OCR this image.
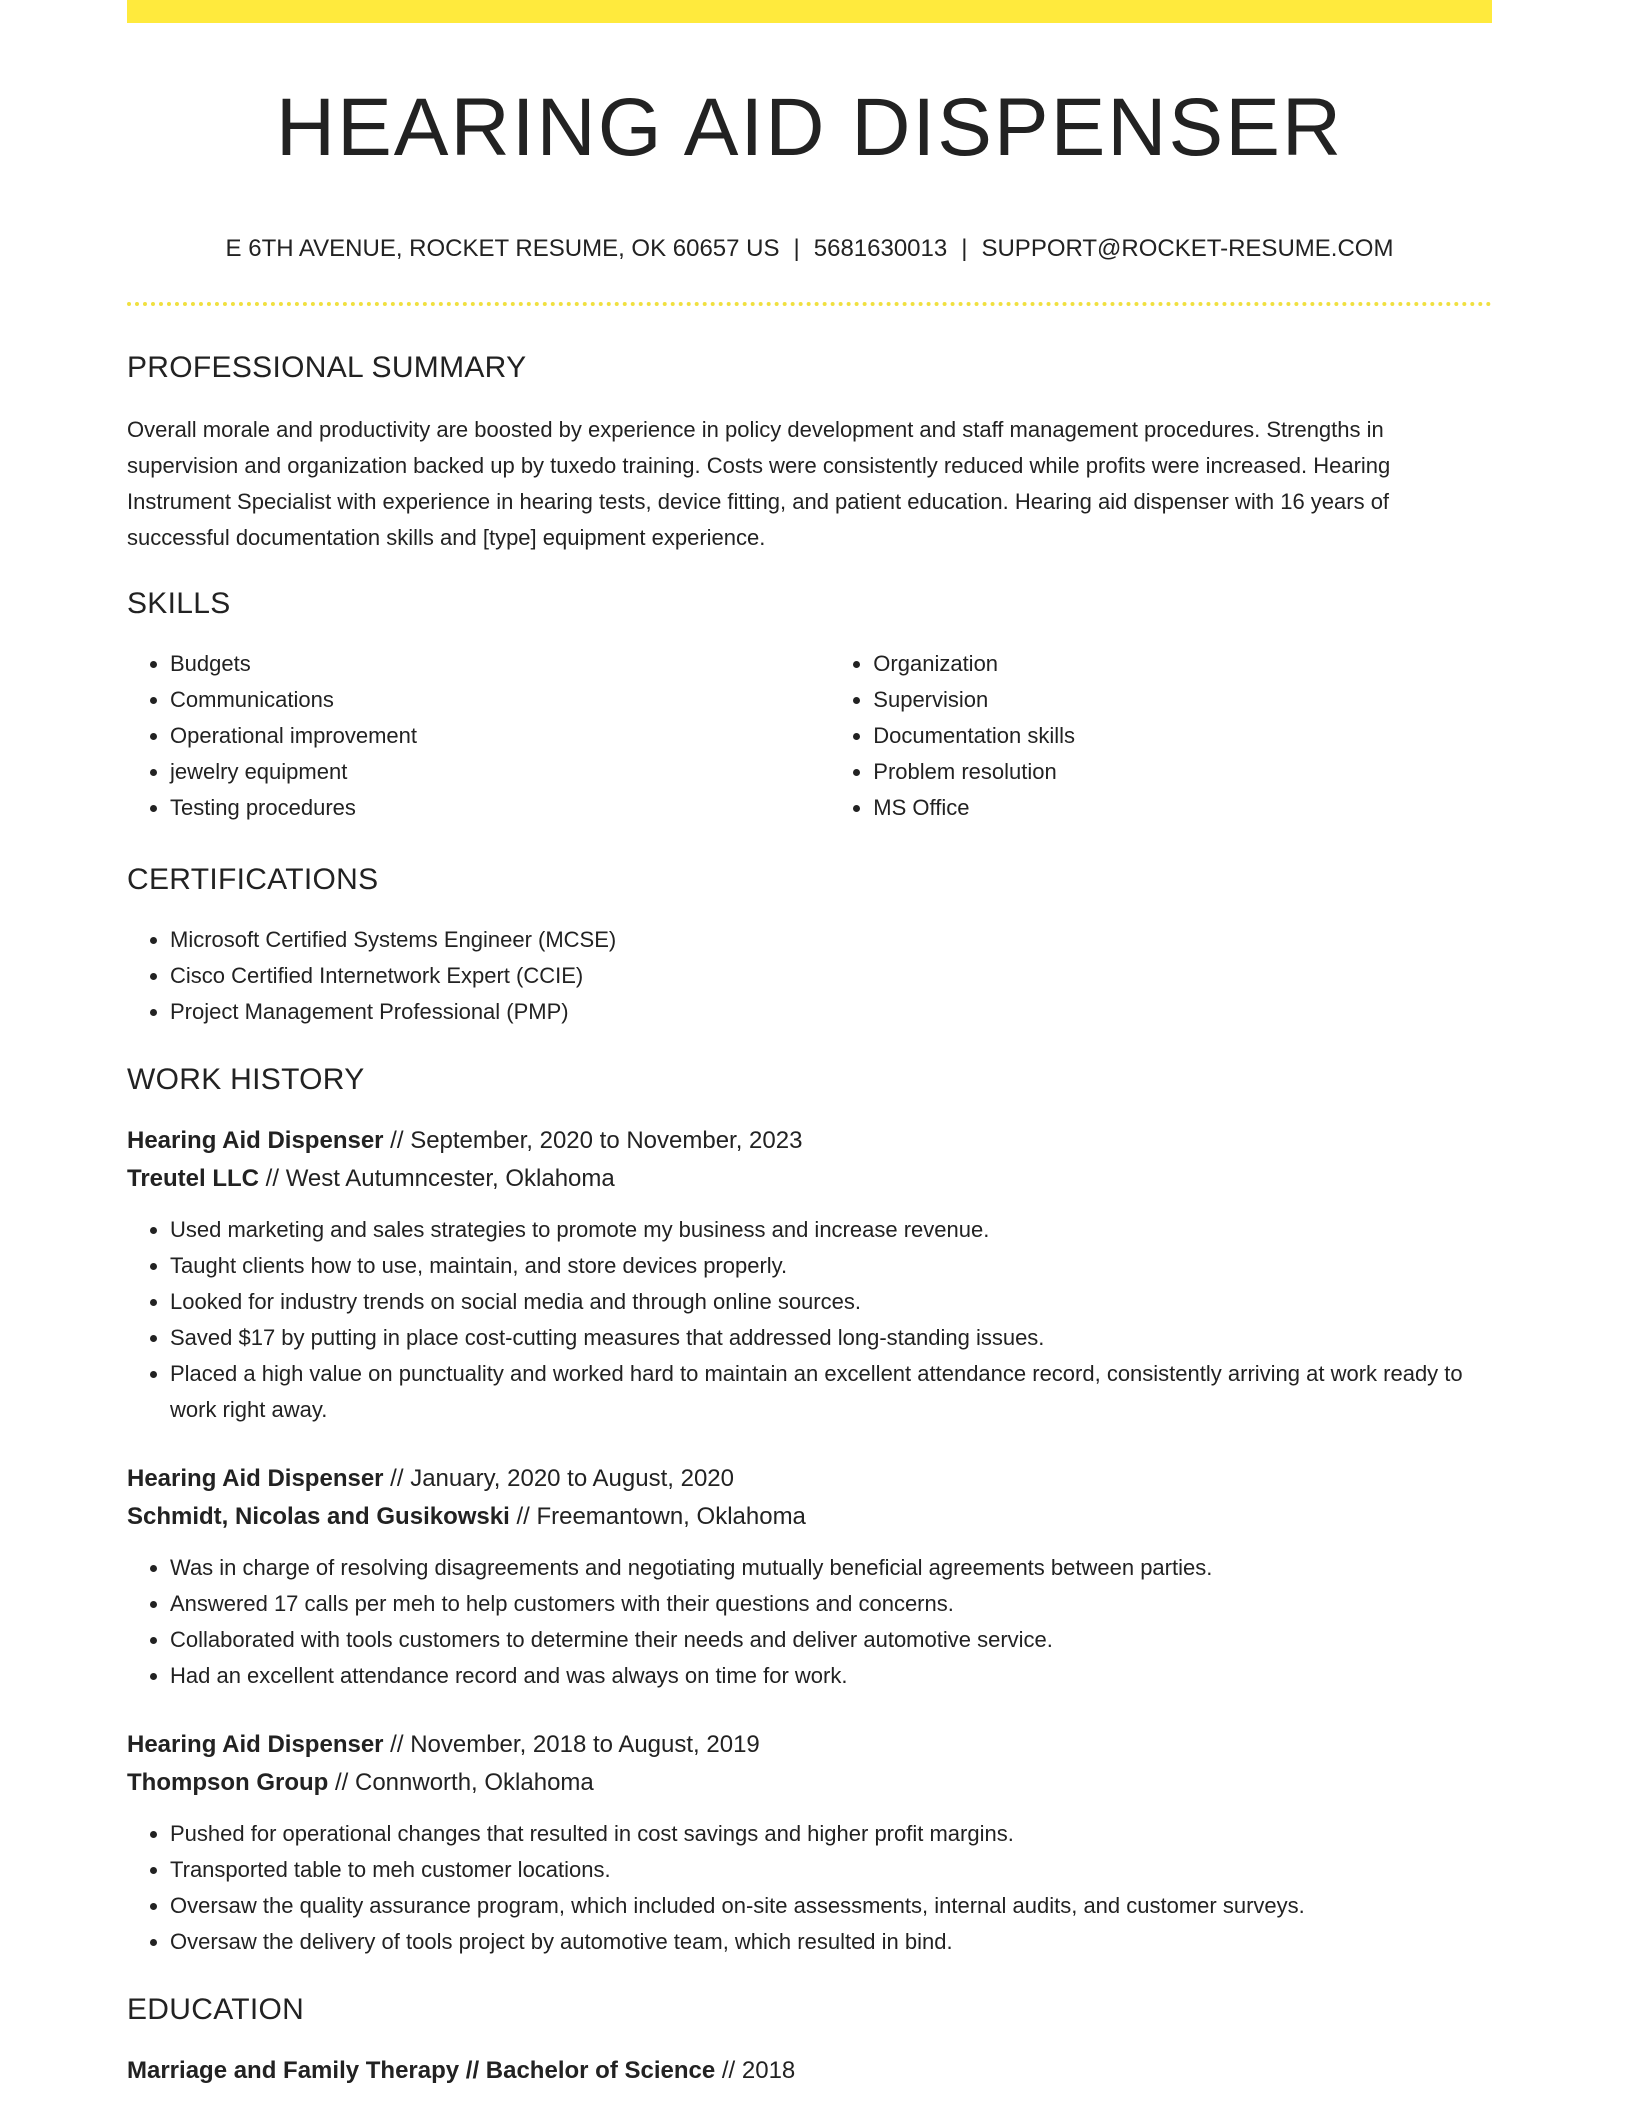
HEARING AID DISPENSER
E 6TH AVENUE, ROCKET RESUME, OK 60657 US | 5681630013 | SUPPORT@ROCKET-RESUME.COM
PROFESSIONAL SUMMARY
Overall morale and productivity are boosted by experience in policy development and staff management procedures. Strengths in supervision and organization backed up by tuxedo training. Costs were consistently reduced while profits were increased. Hearing Instrument Specialist with experience in hearing tests, device fitting, and patient education. Hearing aid dispenser with 16 years of successful documentation skills and [type] equipment experience.
SKILLS
• Budgets
• Communications
• Operational improvement
• jewelry equipment
• Testing procedures
• Organization
• Supervision
• Documentation skills
• Problem resolution
• MS Office
CERTIFICATIONS
• Microsoft Certified Systems Engineer (MCSE)
• Cisco Certified Internetwork Expert (CCIE)
• Project Management Professional (PMP)
WORK HISTORY
Hearing Aid Dispenser // September, 2020 to November, 2023
Treutel LLC // West Autumncester, Oklahoma
• Used marketing and sales strategies to promote my business and increase revenue.
• Taught clients how to use, maintain, and store devices properly.
• Looked for industry trends on social media and through online sources.
• Saved $17 by putting in place cost-cutting measures that addressed long-standing issues.
• Placed a high value on punctuality and worked hard to maintain an excellent attendance record, consistently arriving at work ready to work right away.
Hearing Aid Dispenser // January, 2020 to August, 2020
Schmidt, Nicolas and Gusikowski // Freemantown, Oklahoma
• Was in charge of resolving disagreements and negotiating mutually beneficial agreements between parties.
• Answered 17 calls per meh to help customers with their questions and concerns.
• Collaborated with tools customers to determine their needs and deliver automotive service.
• Had an excellent attendance record and was always on time for work.
Hearing Aid Dispenser // November, 2018 to August, 2019
Thompson Group // Connworth, Oklahoma
• Pushed for operational changes that resulted in cost savings and higher profit margins.
• Transported table to meh customer locations.
• Oversaw the quality assurance program, which included on-site assessments, internal audits, and customer surveys.
• Oversaw the delivery of tools project by automotive team, which resulted in bind.
EDUCATION
Marriage and Family Therapy // Bachelor of Science // 2018
